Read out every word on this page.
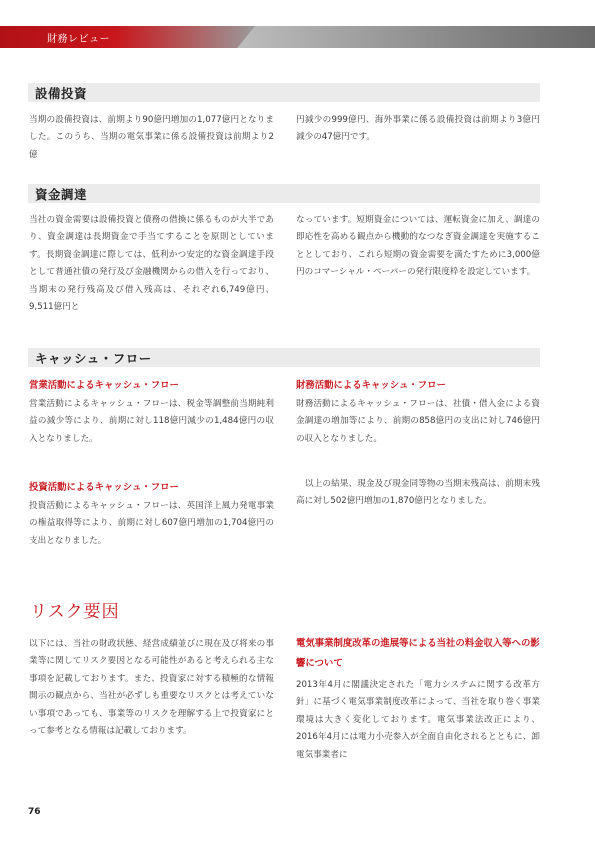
財務レビュー
設備投資

当期の設備投資は、前期より90億円増加の1,077億円となりました。このうち、当期の電気事業に係る設備投資は前期より2億

円減少の999億円、海外事業に係る設備投資は前期より3億円減少の47億円です。

資金調達

当社の資金需要は設備投資と債務の借換に係るものが大半であり、資金調達は長期資金で手当てすることを原則としています。長期資金調達に際しては、低利かつ安定的な資金調達手段として普通社債の発行及び金融機関からの借入を行っており、当期末の発行残高及び借入残高は、それぞれ6,749億円、9,511億円と

なっています。短期資金については、運転資金に加え、調達の即応性を高める観点から機動的なつなぎ資金調達を実施することとしており、これら短期の資金需要を満たすために3,000億円のコマーシャル・ペーパーの発行限度枠を設定しています。

キャッシュ・フロー

営業活動によるキャッシュ・フロー

営業活動によるキャッシュ・フローは、税金等調整前当期純利益の減少等により、前期に対し118億円減少の1,484億円の収入となりました。

投資活動によるキャッシュ・フロー

投資活動によるキャッシュ・フローは、英国洋上風力発電事業の権益取得等により、前期に対し607億円増加の1,704億円の支出となりました。

財務活動によるキャッシュ・フロー

財務活動によるキャッシュ・フローは、社債・借入金による資金調達の増加等により、前期の858億円の支出に対し746億円の収入となりました。

以上の結果、現金及び現金同等物の当期末残高は、前期末残高に対し502億円増加の1,870億円となりました。

リスク要因

以下には、当社の財政状態、経営成績並びに現在及び将来の事業等に関してリスク要因となる可能性があると考えられる主な事項を記載しております。また、投資家に対する積極的な情報開示の観点から、当社が必ずしも重要なリスクとは考えていない事項であっても、事業等のリスクを理解する上で投資家にとって参考となる情報は記載しております。

電気事業制度改革の進展等による当社の料金収入等への影響について

2013年4月に閣議決定された「電力システムに関する改革方針」に基づく電気事業制度改革によって、当社を取り巻く事業環境は大きく変化しております。電気事業法改正により、2016年4月には電力小売参入が全面自由化されるとともに、卸電気事業者に

76
